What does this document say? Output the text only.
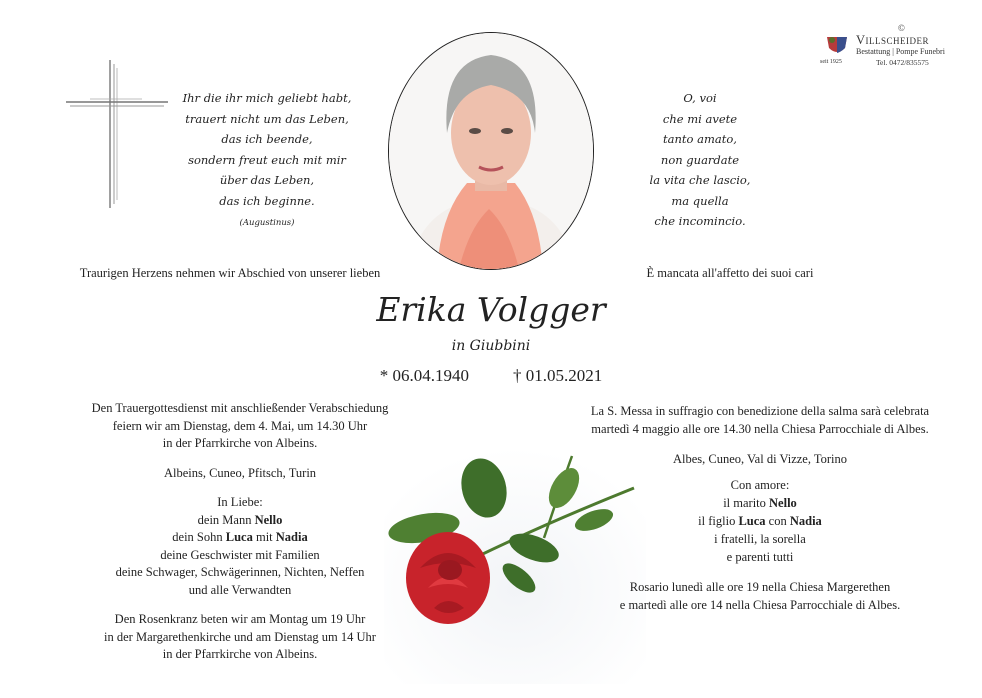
Ihr die ihr mich geliebt habt,
trauert nicht um das Leben,
das ich beende,
sondern freut euch mit mir
über das Leben,
das ich beginne.
(Augustinus)
O, voi
che mi avete
tanto amato,
non guardate
la vita che lascio,
ma quella
che incomincio.
©
Villscheider
Bestattung | Pompe Funebri
seit 1925	Tel. 0472/835575
Traurigen Herzens nehmen wir Abschied von unserer lieben	È mancata all'affetto dei suoi cari
Erika Volgger
in Giubbini
* 06.04.1940	† 01.05.2021
Den Trauergottesdienst mit anschließender Verabschiedung
feiern wir am Dienstag, dem 4. Mai, um 14.30 Uhr
in der Pfarrkirche von Albeins.
Albeins, Cuneo, Pfitsch, Turin
In Liebe:
dein Mann Nello
dein Sohn Luca mit Nadia
deine Geschwister mit Familien
deine Schwager, Schwägerinnen, Nichten, Neffen
und alle Verwandten
Den Rosenkranz beten wir am Montag um 19 Uhr
in der Margarethenkirche und am Dienstag um 14 Uhr
in der Pfarrkirche von Albeins.
La S. Messa in suffragio con benedizione della salma sarà celebrata
martedì 4 maggio alle ore 14.30 nella Chiesa Parrocchiale di Albes.
Albes, Cuneo, Val di Vizze, Torino
Con amore:
il marito Nello
il figlio Luca con Nadia
i fratelli, la sorella
e parenti tutti
Rosario lunedì alle ore 19 nella Chiesa Margerethen
e martedì alle ore 14 nella Chiesa Parrocchiale di Albes.
